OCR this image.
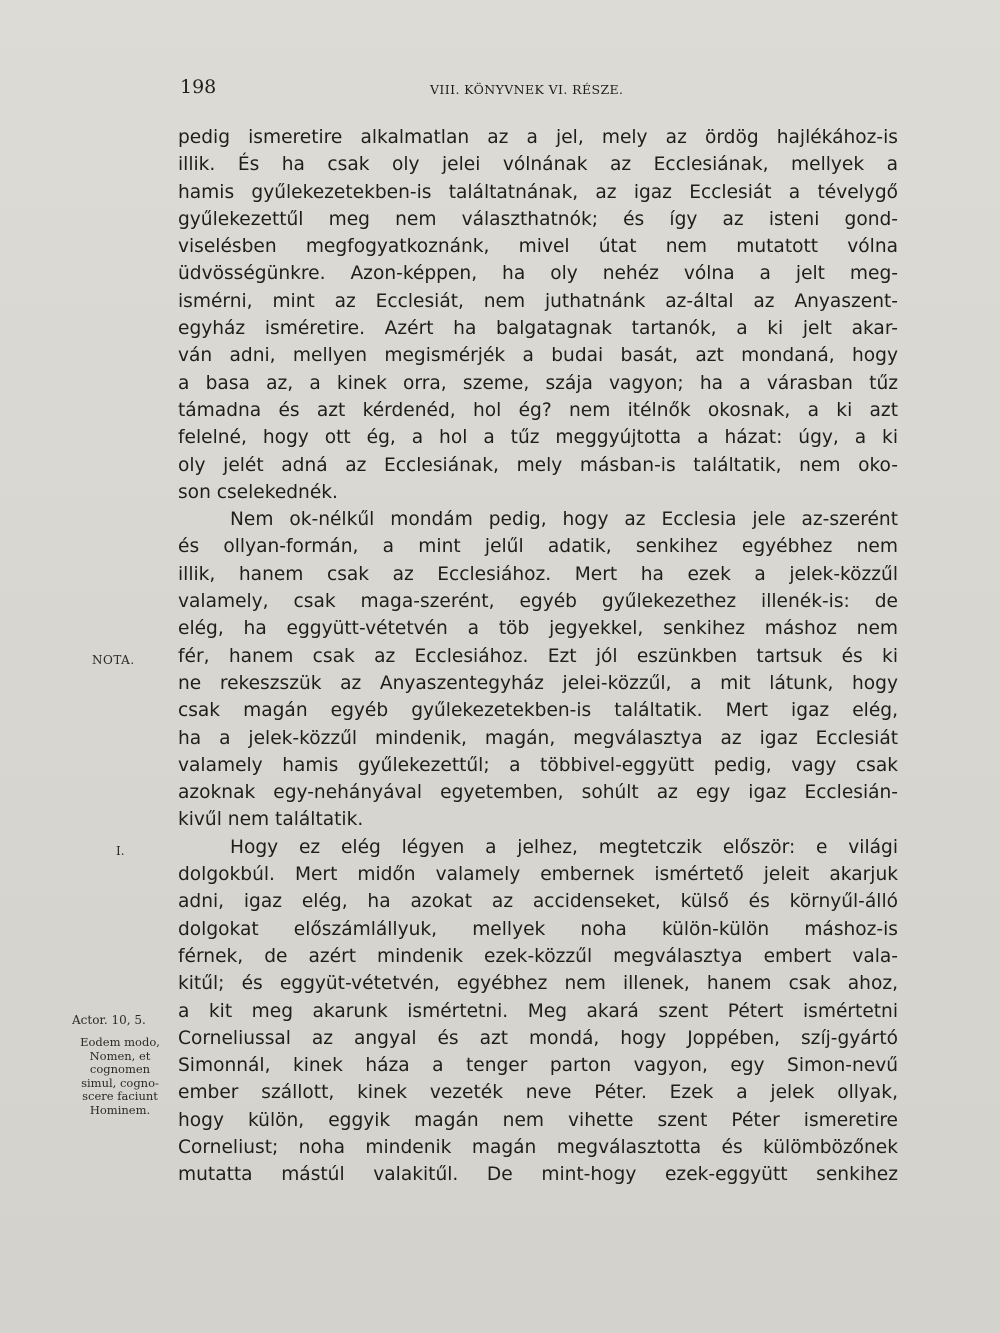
198	VIII. KÖNYVNEK VI. RÉSZE.
NOTA.
I.
Actor. 10, 5.
Eodem modo,
Nomen, et
cognomen
simul, cogno-
scere faciunt
Hominem.
pedig ismeretire alkalmatlan az a jel, mely az ördög hajlékához-is
illik. És ha csak oly jelei vólnának az Ecclesiának, mellyek a
hamis gyűlekezetekben-is találtatnának, az igaz Ecclesiát a tévelygő
gyűlekezettűl meg nem választhatnók; és így az isteni gond-
viselésben megfogyatkoznánk, mivel útat nem mutatott vólna
üdvösségünkre. Azon-képpen, ha oly nehéz vólna a jelt meg-
ismérni, mint az Ecclesiát, nem juthatnánk az-által az Anyaszent-
egyház isméretire. Azért ha balgatagnak tartanók, a ki jelt akar-
ván adni, mellyen megismérjék a budai basát, azt mondaná, hogy
a basa az, a kinek orra, szeme, szája vagyon; ha a várasban tűz
támadna és azt kérdenéd, hol ég? nem itélnők okosnak, a ki azt
felelné, hogy ott ég, a hol a tűz meggyújtotta a házat: úgy, a ki
oly jelét adná az Ecclesiának, mely másban-is találtatik, nem oko-
son cselekednék.
Nem ok-nélkűl mondám pedig, hogy az Ecclesia jele az-szerént
és ollyan-formán, a mint jelűl adatik, senkihez egyébhez nem
illik, hanem csak az Ecclesiához. Mert ha ezek a jelek-közzűl
valamely, csak maga-szerént, egyéb gyűlekezethez illenék-is: de
elég, ha eggyütt-vétetvén a töb jegyekkel, senkihez máshoz nem
fér, hanem csak az Ecclesiához. Ezt jól eszünkben tartsuk és ki
ne rekeszszük az Anyaszentegyház jelei-közzűl, a mit látunk, hogy
csak magán egyéb gyűlekezetekben-is találtatik. Mert igaz elég,
ha a jelek-közzűl mindenik, magán, megválasztya az igaz Ecclesiát
valamely hamis gyűlekezettűl; a többivel-eggyütt pedig, vagy csak
azoknak egy-nehányával egyetemben, sohúlt az egy igaz Ecclesián-
kivűl nem találtatik.
Hogy ez elég légyen a jelhez, megtetczik először: e világi
dolgokbúl. Mert midőn valamely embernek ismértető jeleit akarjuk
adni, igaz elég, ha azokat az accidenseket, külső és környűl-álló
dolgokat előszámlállyuk, mellyek noha külön-külön máshoz-is
férnek, de azért mindenik ezek-közzűl megválasztya embert vala-
kitűl; és eggyüt-vétetvén, egyébhez nem illenek, hanem csak ahoz,
a kit meg akarunk ismértetni. Meg akará szent Pétert ismértetni
Corneliussal az angyal és azt mondá, hogy Joppében, szíj-gyártó
Simonnál, kinek háza a tenger parton vagyon, egy Simon-nevű
ember szállott, kinek vezeték neve Péter. Ezek a jelek ollyak,
hogy külön, eggyik magán nem vihette szent Péter ismeretire
Corneliust; noha mindenik magán megválasztotta és külömbözőnek
mutatta mástúl valakitűl. De mint-hogy ezek-eggyütt senkihez
